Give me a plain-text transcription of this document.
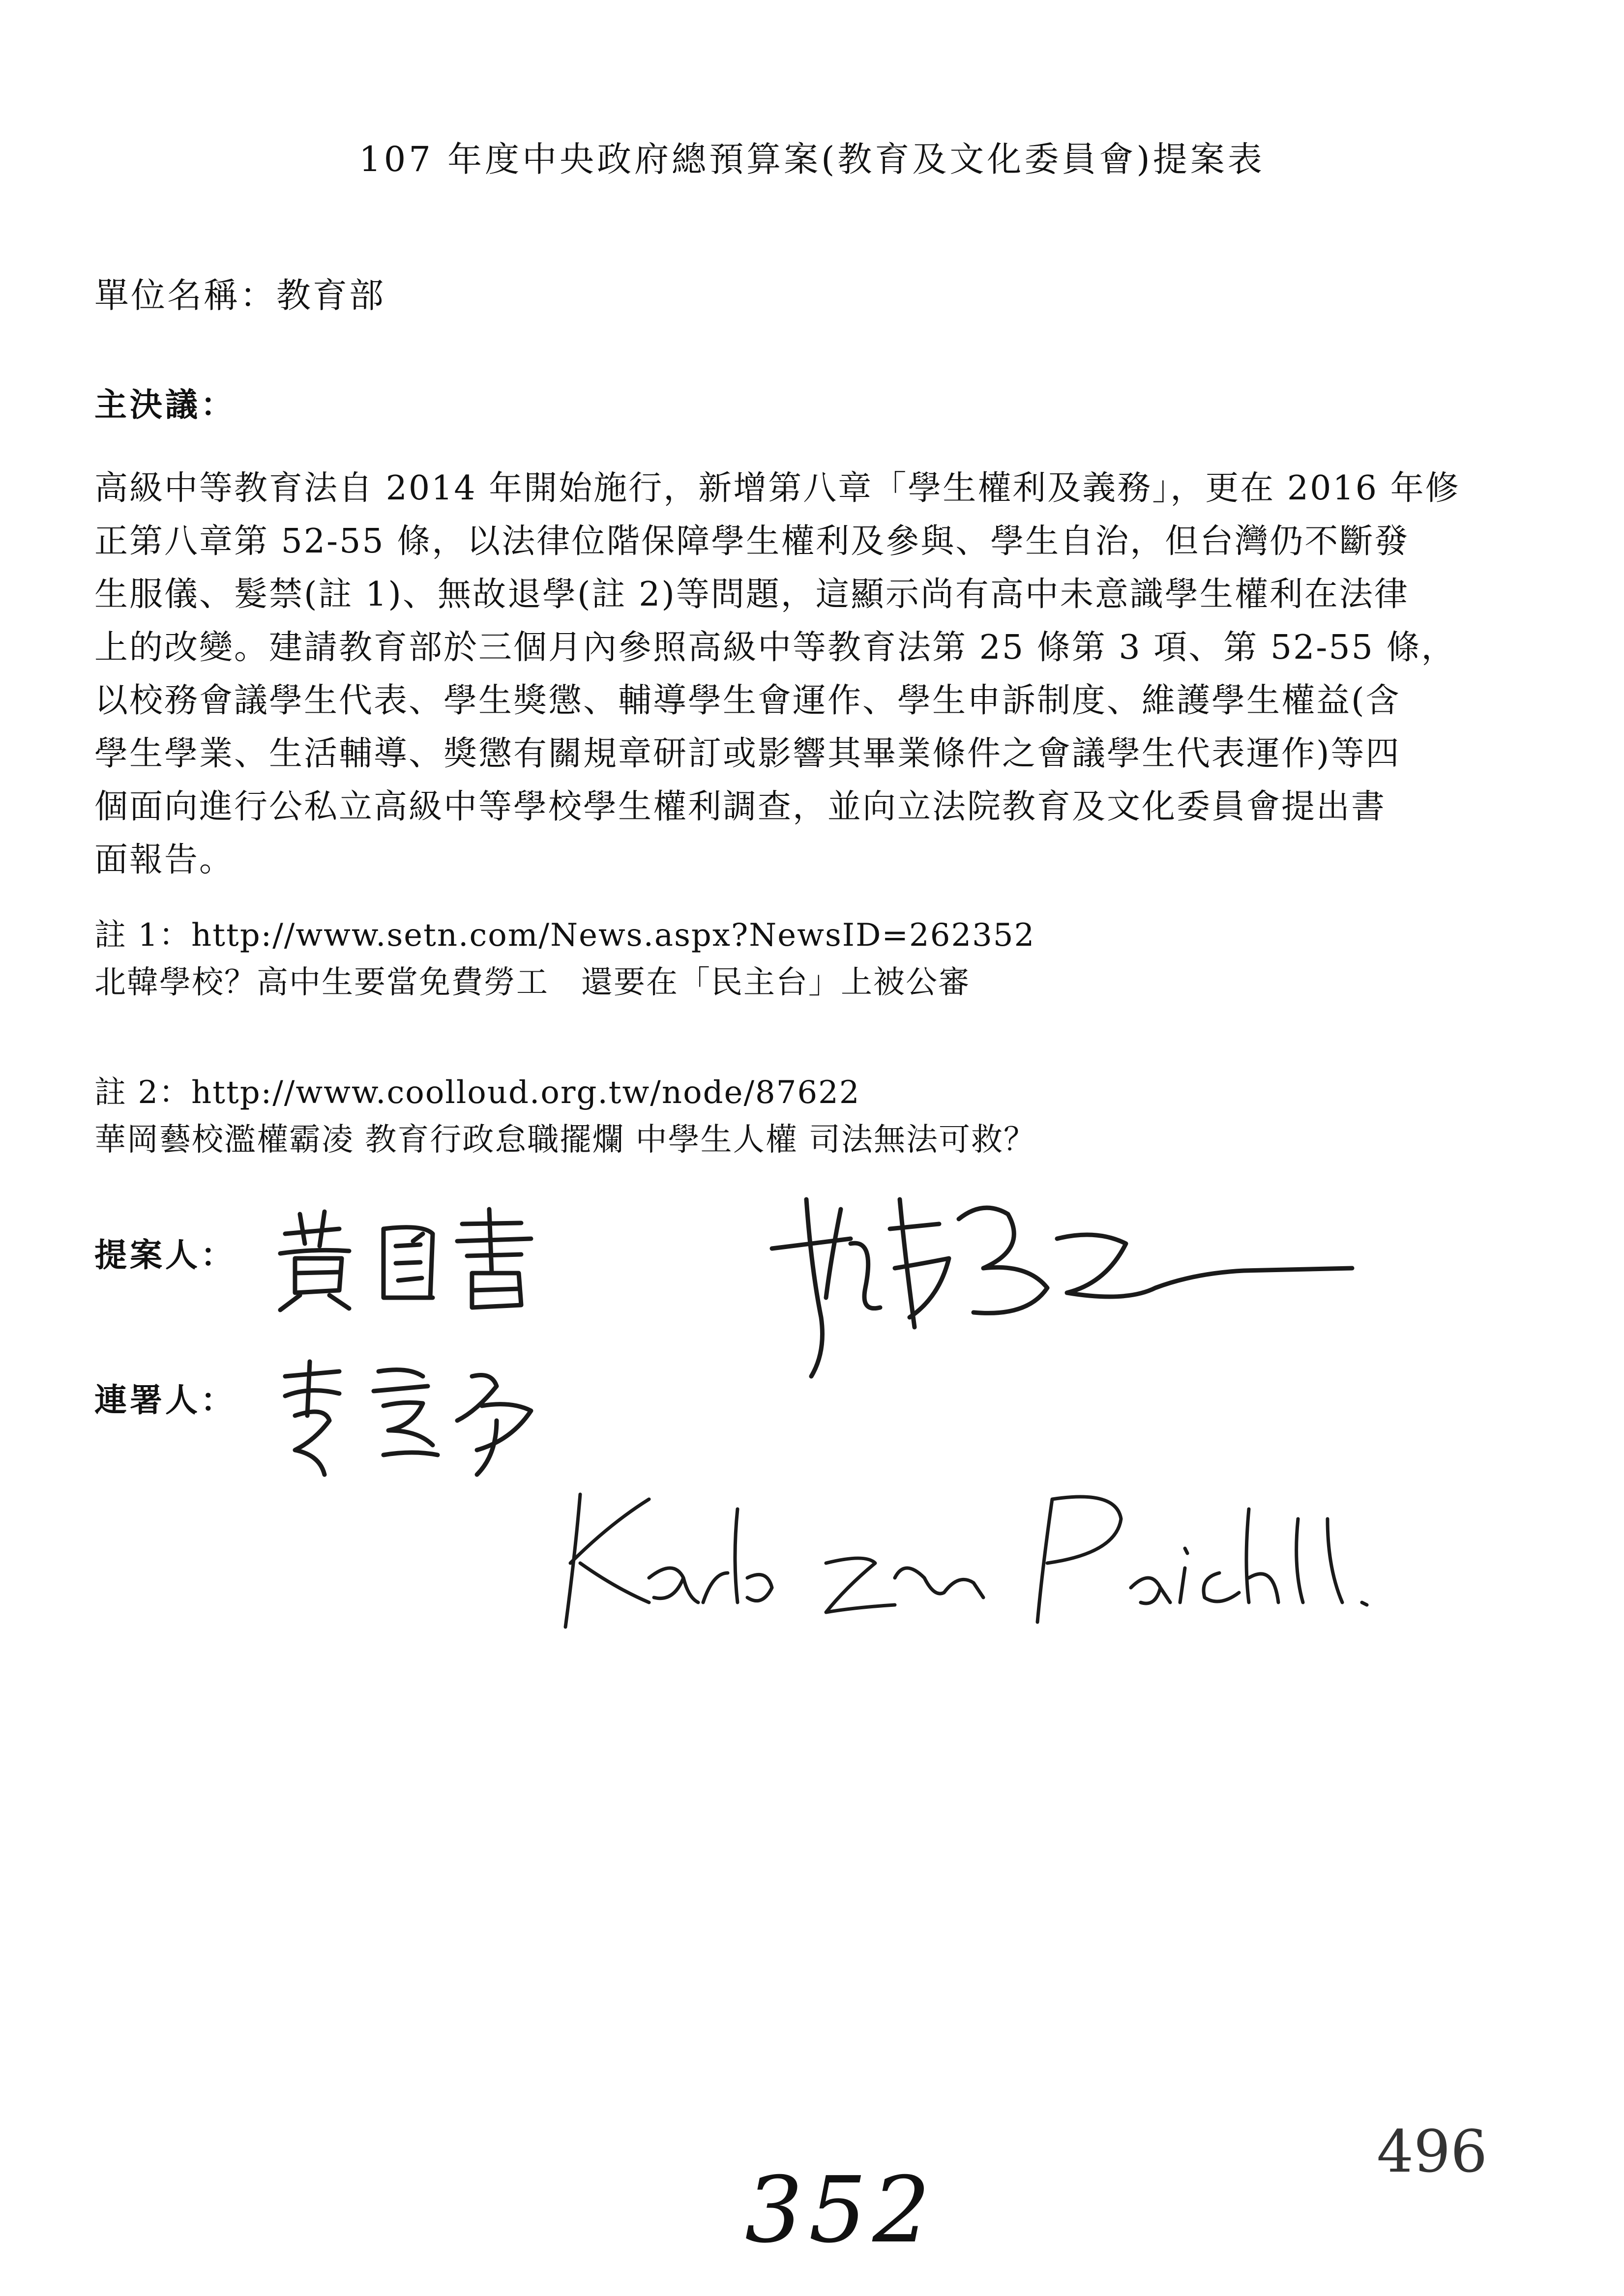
107 年度中央政府總預算案(教育及文化委員會)提案表
單位名稱：教育部
主決議：
高級中等教育法自 2014 年開始施行，新增第八章「學生權利及義務」，更在 2016 年修
正第八章第 52-55 條，以法律位階保障學生權利及參與、學生自治，但台灣仍不斷發
生服儀、髮禁(註 1)、無故退學(註 2)等問題，這顯示尚有高中未意識學生權利在法律
上的改變。建請教育部於三個月內參照高級中等教育法第 25 條第 3 項、第 52-55 條，
以校務會議學生代表、學生獎懲、輔導學生會運作、學生申訴制度、維護學生權益(含
學生學業、生活輔導、獎懲有關規章研訂或影響其畢業條件之會議學生代表運作)等四
個面向進行公私立高級中等學校學生權利調查，並向立法院教育及文化委員會提出書
面報告。
註 1：http://www.setn.com/News.aspx?NewsID=262352
北韓學校？高中生要當免費勞工　還要在「民主台」上被公審
註 2：http://www.coolloud.org.tw/node/87622
華岡藝校濫權霸凌 教育行政怠職擺爛 中學生人權 司法無法可救？
提案人：
連署人：
352
496
